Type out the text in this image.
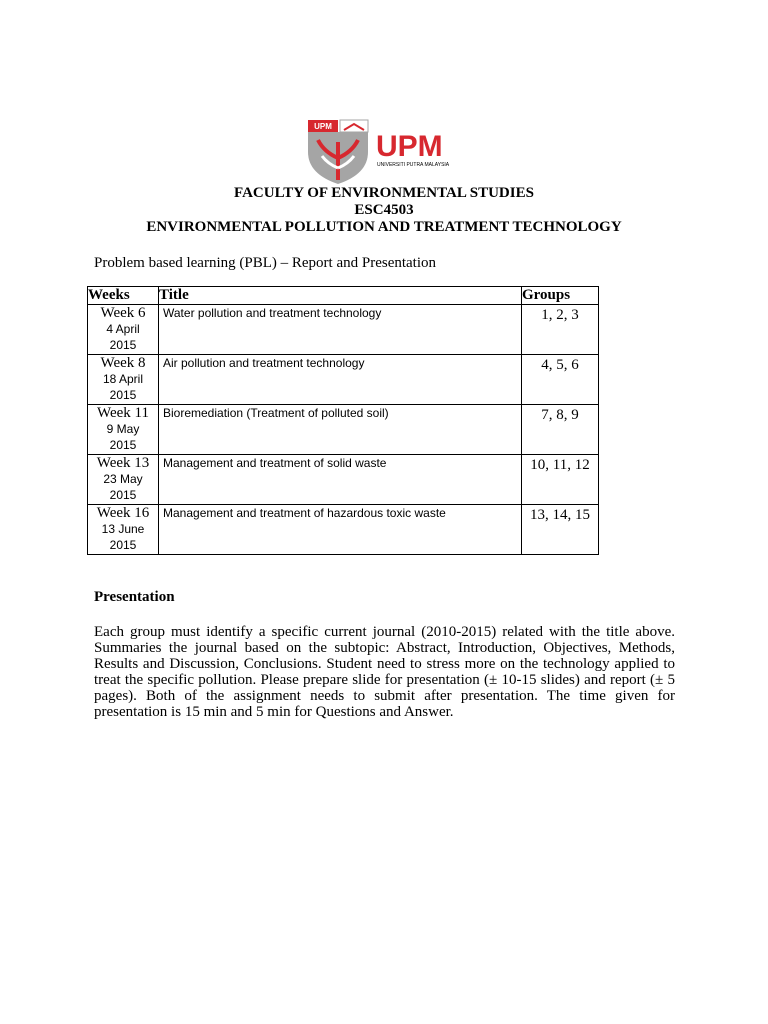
UPM
UPM
UNIVERSITI PUTRA MALAYSIA
FACULTY OF ENVIRONMENTAL STUDIES
ESC4503
ENVIRONMENTAL POLLUTION AND TREATMENT TECHNOLOGY
Problem based learning (PBL) – Report and Presentation
Weeks	Title	Groups

Week 6
4 April
2015	Water pollution and treatment technology	1, 2, 3

Week 8
18 April
2015	Air pollution and treatment technology	4, 5, 6

Week 11
9 May
2015	Bioremediation (Treatment of polluted soil)	7, 8, 9

Week 13
23 May
2015	Management and treatment of solid waste	10, 11, 12

Week 16
13 June
2015	Management and treatment of hazardous toxic waste	13, 14, 15
Presentation
Each group must identify a specific current journal (2010-2015) related with the title above. Summaries the journal based on the subtopic: Abstract, Introduction, Objectives, Methods, Results and Discussion, Conclusions. Student need to stress more on the technology applied to treat the specific pollution. Please prepare slide for presentation (± 10-15 slides) and report (± 5 pages). Both of the assignment needs to submit after presentation. The time given for presentation is 15 min and 5 min for Questions and Answer.
